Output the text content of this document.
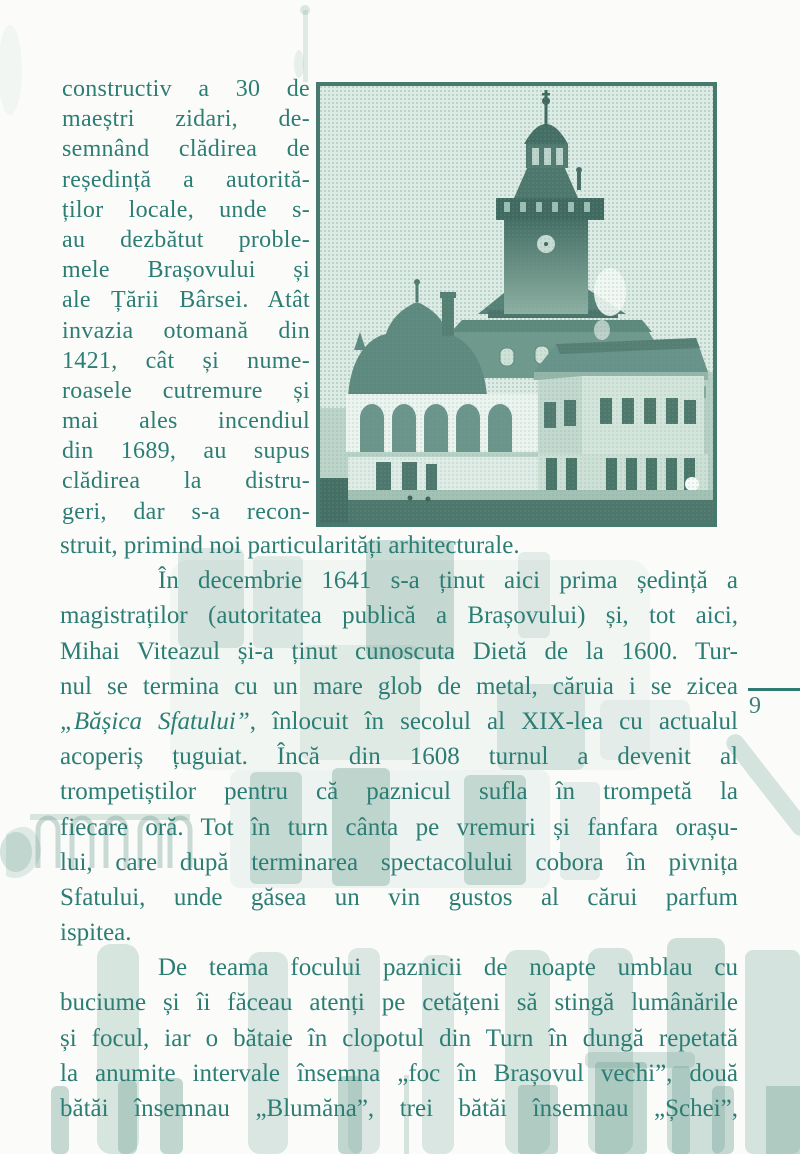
constructiv a 30 de
maeștri zidari, de-
semnând clădirea de
reședință a autorită-
ților locale, unde s-
au dezbătut proble-
mele Brașovului și
ale Țării Bârsei. Atât
invazia otomană din
1421, cât și nume-
roasele cutremure și
mai ales incendiul
din 1689, au supus
clădirea la distru-
geri, dar s-a recon-
struit, primind noi particularități arhitecturale.
În decembrie 1641 s-a ținut aici prima ședință a
magistraților (autoritatea publică a Brașovului) și, tot aici,
Mihai Viteazul și-a ținut cunoscuta Dietă de la 1600. Tur-
nul se termina cu un mare glob de metal, căruia i se zicea
„Bășica Sfatului”, înlocuit în secolul al XIX-lea cu actualul
acoperiș țuguiat. Încă din 1608 turnul a devenit al
trompetiștilor pentru că paznicul sufla în trompetă la
fiecare oră. Tot în turn cânta pe vremuri și fanfara orașu-
lui, care după terminarea spectacolului cobora în pivnița
Sfatului, unde găsea un vin gustos al cărui parfum
ispitea.
De teama focului paznicii de noapte umblau cu
buciume și îi făceau atenți pe cetățeni să stingă lumânările
și focul, iar o bătaie în clopotul din Turn în dungă repetată
la anumite intervale însemna „foc în Brașovul vechi”, două
bătăi însemnau „Blumăna”, trei bătăi însemnau „Șchei”,
9
